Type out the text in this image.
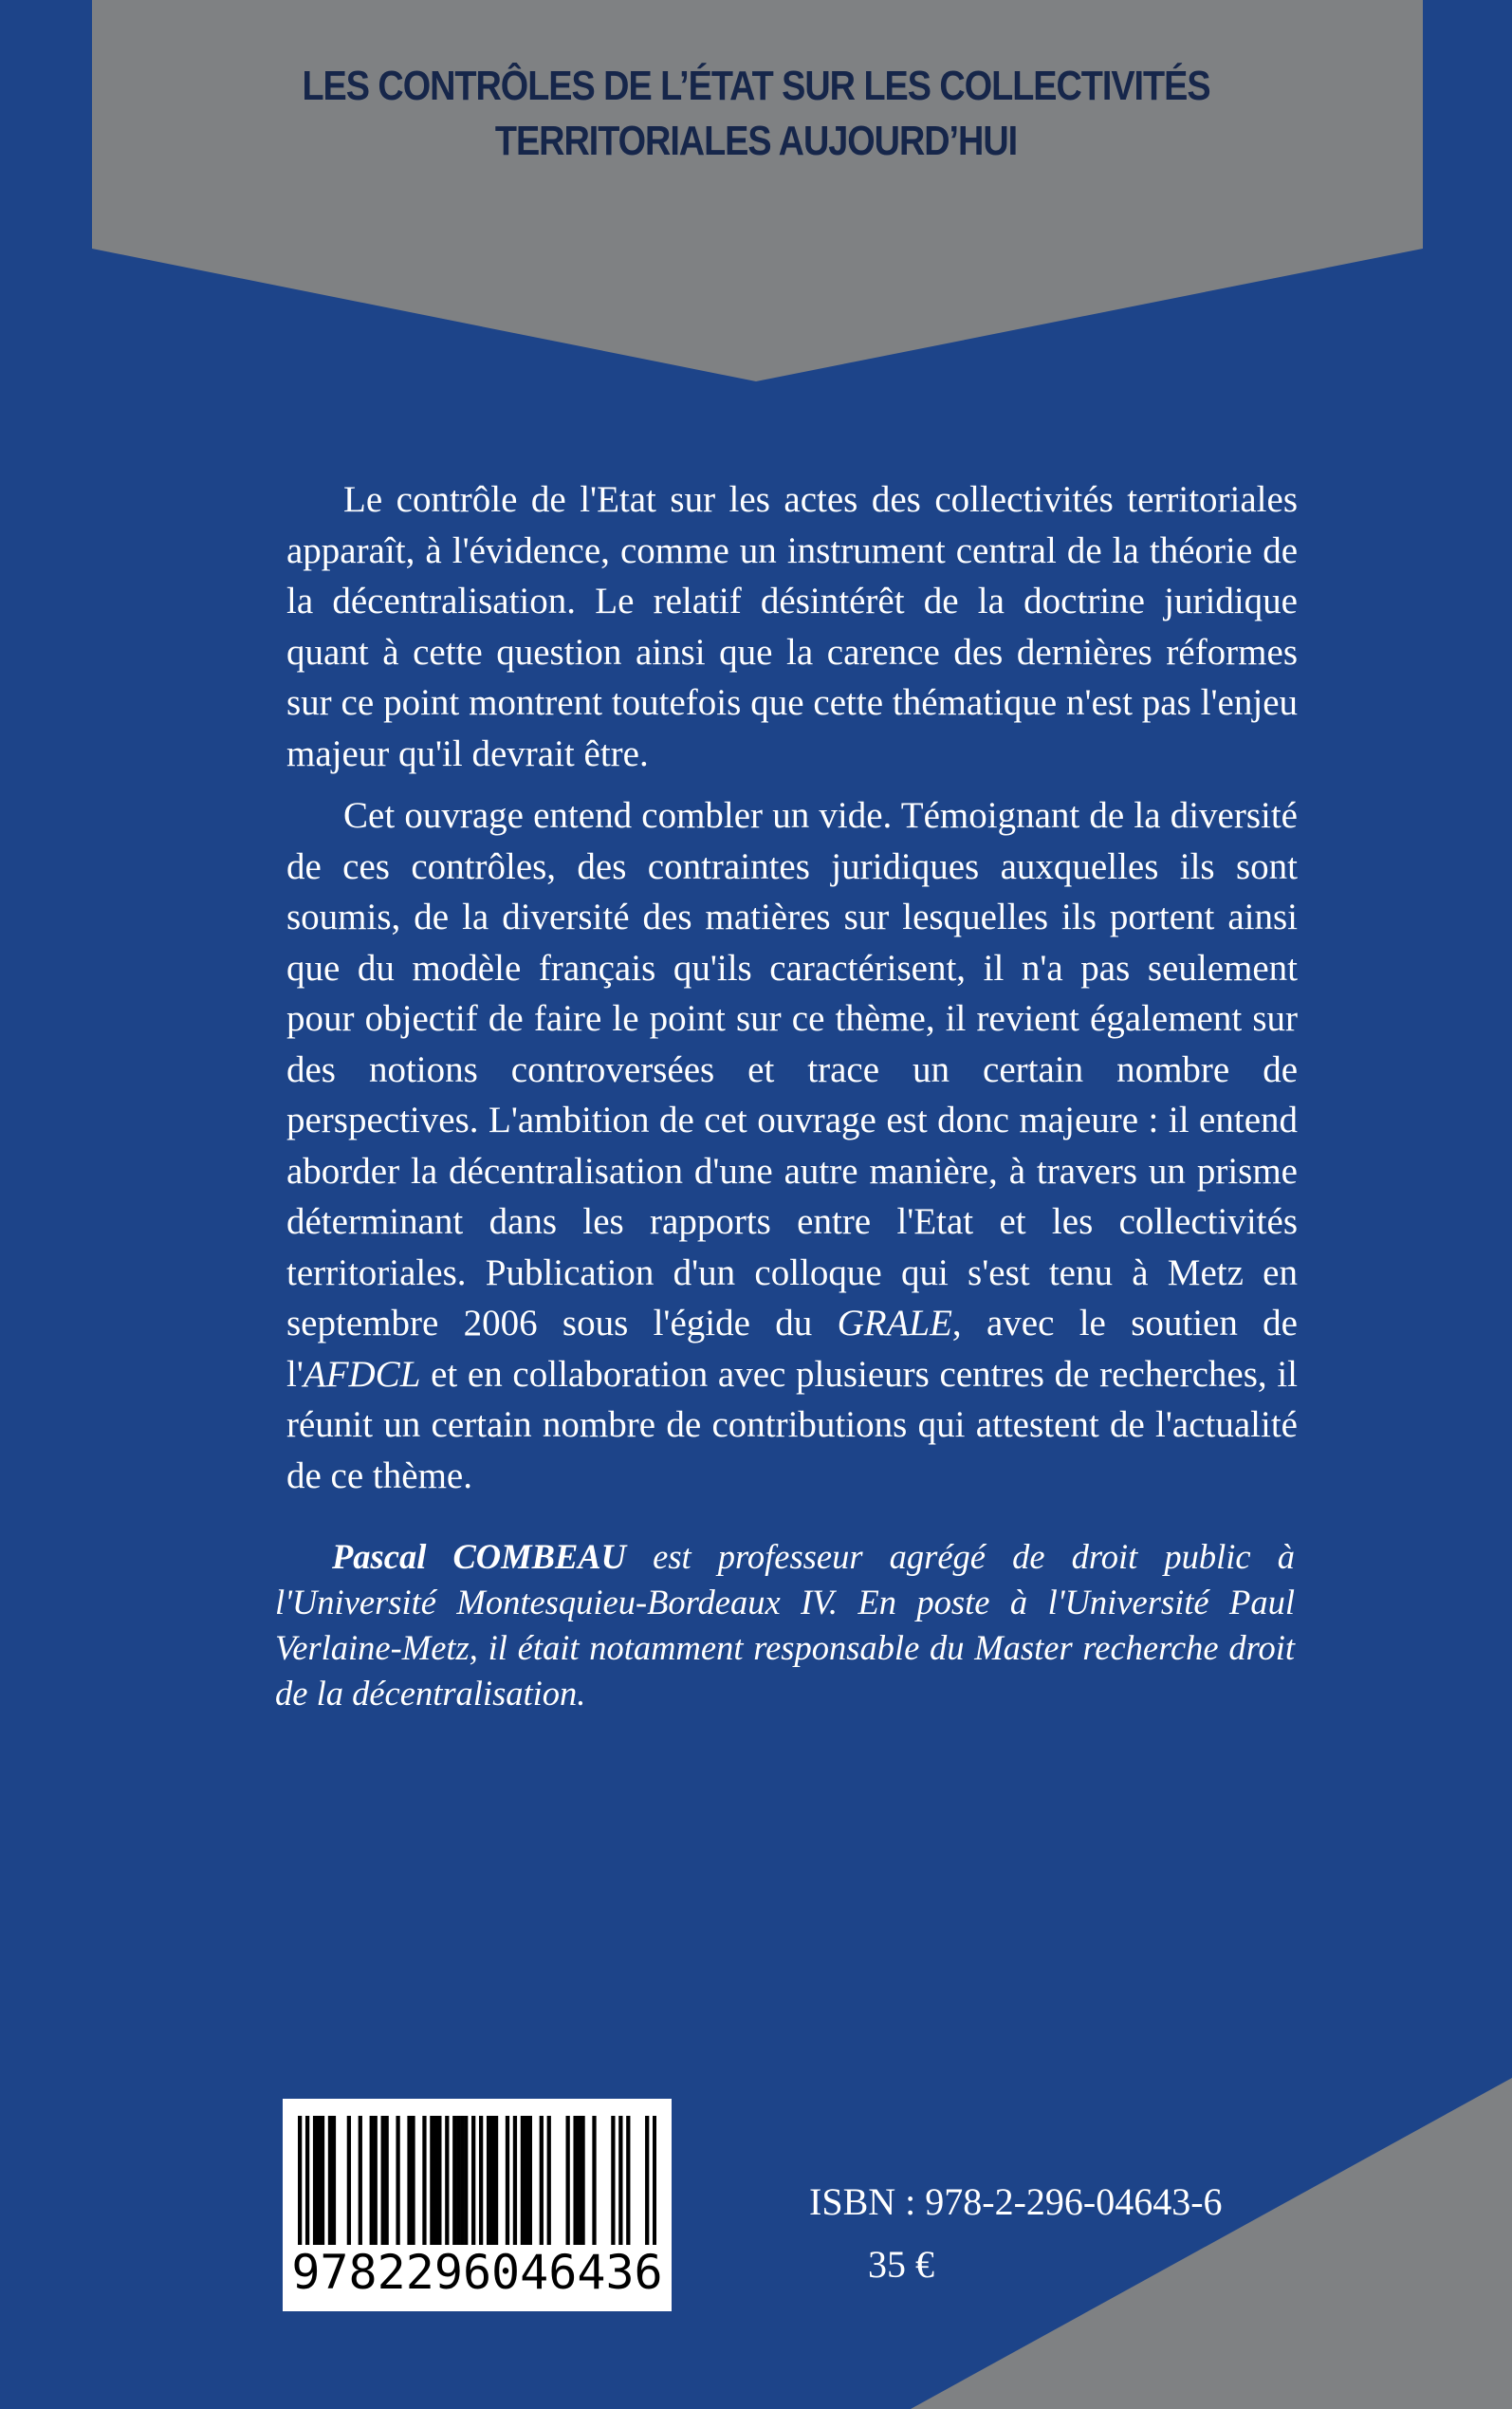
LES CONTRÔLES DE L’ÉTAT SUR LES COLLECTIVITÉS
TERRITORIALES AUJOURD’HUI

Le contrôle de l'Etat sur les actes des collectivités territoriales apparaît, à l'évidence, comme un instrument central de la théorie de la décentralisation. Le relatif désintérêt de la doctrine juridique quant à cette question ainsi que la carence des dernières réformes sur ce point montrent toutefois que cette thématique n'est pas l'enjeu majeur qu'il devrait être.

Cet ouvrage entend combler un vide. Témoignant de la diversité de ces contrôles, des contraintes juridiques auxquelles ils sont soumis, de la diversité des matières sur lesquelles ils portent ainsi que du modèle français qu'ils caractérisent, il n'a pas seulement pour objectif de faire le point sur ce thème, il revient également sur des notions controversées et trace un certain nombre de perspectives. L'ambition de cet ouvrage est donc majeure : il entend aborder la décentralisation d'une autre manière, à travers un prisme déterminant dans les rapports entre l'Etat et les collectivités territoriales. Publication d'un colloque qui s'est tenu à Metz en septembre 2006 sous l'égide du GRALE, avec le soutien de l'AFDCL et en collaboration avec plusieurs centres de recherches, il réunit un certain nombre de contributions qui attestent de l'actualité de ce thème.

Pascal COMBEAU est professeur agrégé de droit public à l'Université Montesquieu-Bordeaux IV. En poste à l'Université Paul Verlaine-Metz, il était notamment responsable du Master recherche droit de la décentralisation.
9782296046436
ISBN : 978-2-296-04643-6
35 €
